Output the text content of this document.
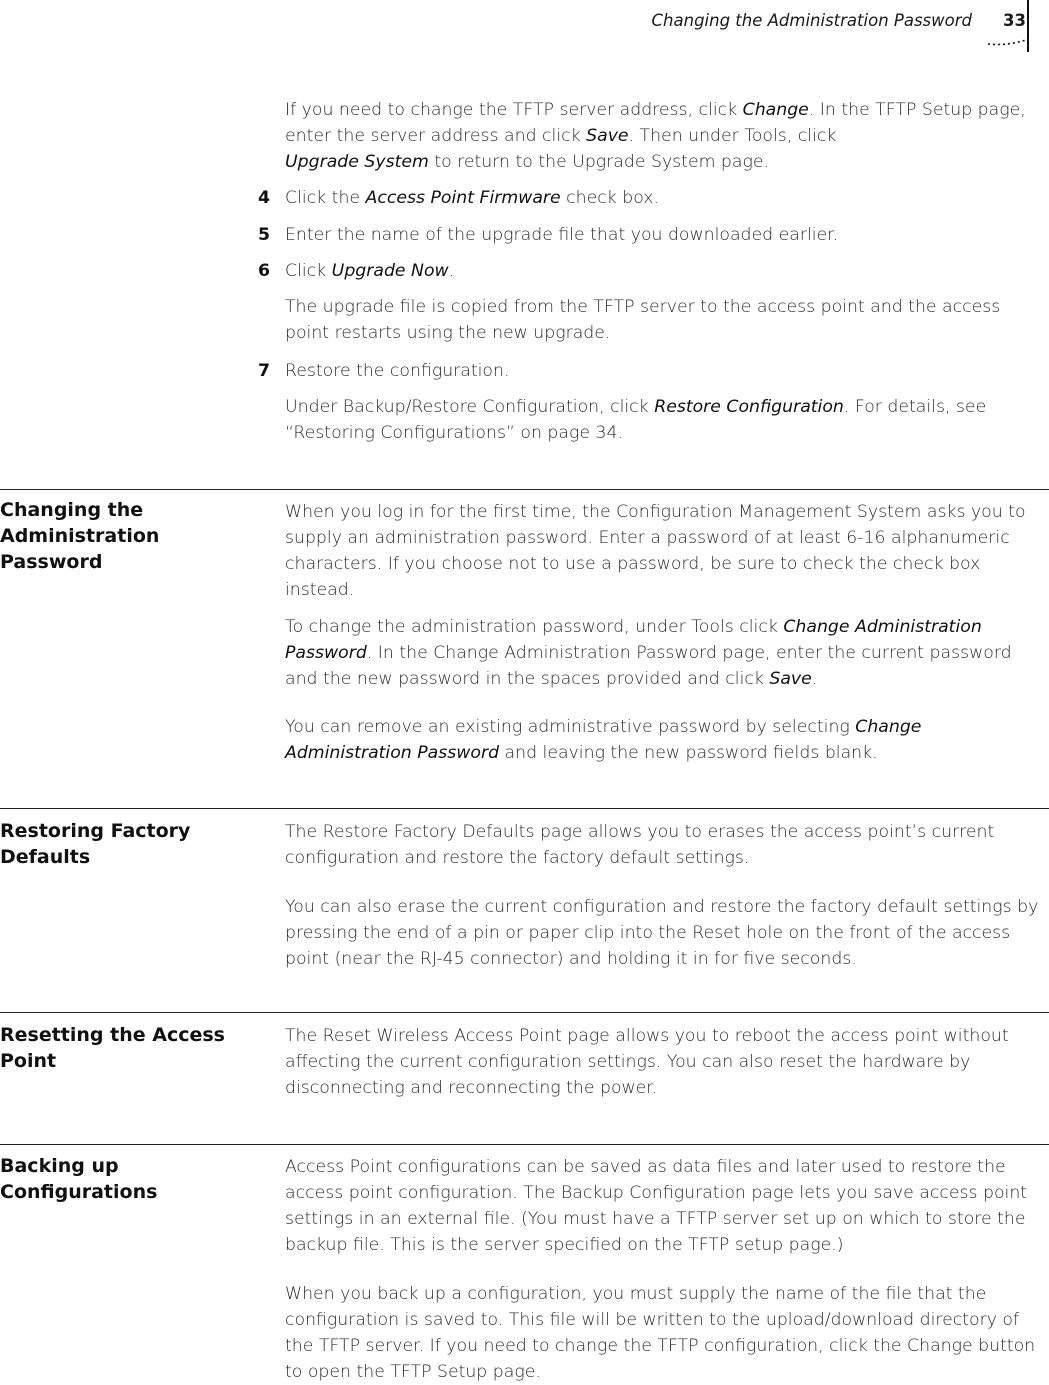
Changing the Administration Password 33

If you need to change the TFTP server address, click Change. In the TFTP Setup page, enter the server address and click Save. Then under Tools, click
Upgrade System to return to the Upgrade System page.

4 Click the Access Point Firmware check box.

5 Enter the name of the upgrade ﬁle that you downloaded earlier.

6 Click Upgrade Now.

The upgrade ﬁle is copied from the TFTP server to the access point and the access point restarts using the new upgrade.

7 Restore the conﬁguration.

Under Backup/Restore Conﬁguration, click Restore Conﬁguration. For details, see “Restoring Conﬁgurations” on page 34.

Changing the Administration Password

When you log in for the ﬁrst time, the Conﬁguration Management System asks you to supply an administration password. Enter a password of at least 6-16 alphanumeric characters. If you choose not to use a password, be sure to check the check box instead.

To change the administration password, under Tools click Change Administration Password. In the Change Administration Password page, enter the current password and the new password in the spaces provided and click Save.

You can remove an existing administrative password by selecting Change Administration Password and leaving the new password ﬁelds blank.

Restoring Factory Defaults

The Restore Factory Defaults page allows you to erases the access point’s current conﬁguration and restore the factory default settings.

You can also erase the current conﬁguration and restore the factory default settings by pressing the end of a pin or paper clip into the Reset hole on the front of the access point (near the RJ-45 connector) and holding it in for ﬁve seconds.

Resetting the Access Point

The Reset Wireless Access Point page allows you to reboot the access point without affecting the current conﬁguration settings. You can also reset the hardware by disconnecting and reconnecting the power.

Backing up Conﬁgurations

Access Point conﬁgurations can be saved as data ﬁles and later used to restore the access point conﬁguration. The Backup Conﬁguration page lets you save access point settings in an external ﬁle. (You must have a TFTP server set up on which to store the backup ﬁle. This is the server speciﬁed on the TFTP setup page.)

When you back up a conﬁguration, you must supply the name of the ﬁle that the conﬁguration is saved to. This ﬁle will be written to the upload/download directory of the TFTP server. If you need to change the TFTP conﬁguration, click the Change button to open the TFTP Setup page.
